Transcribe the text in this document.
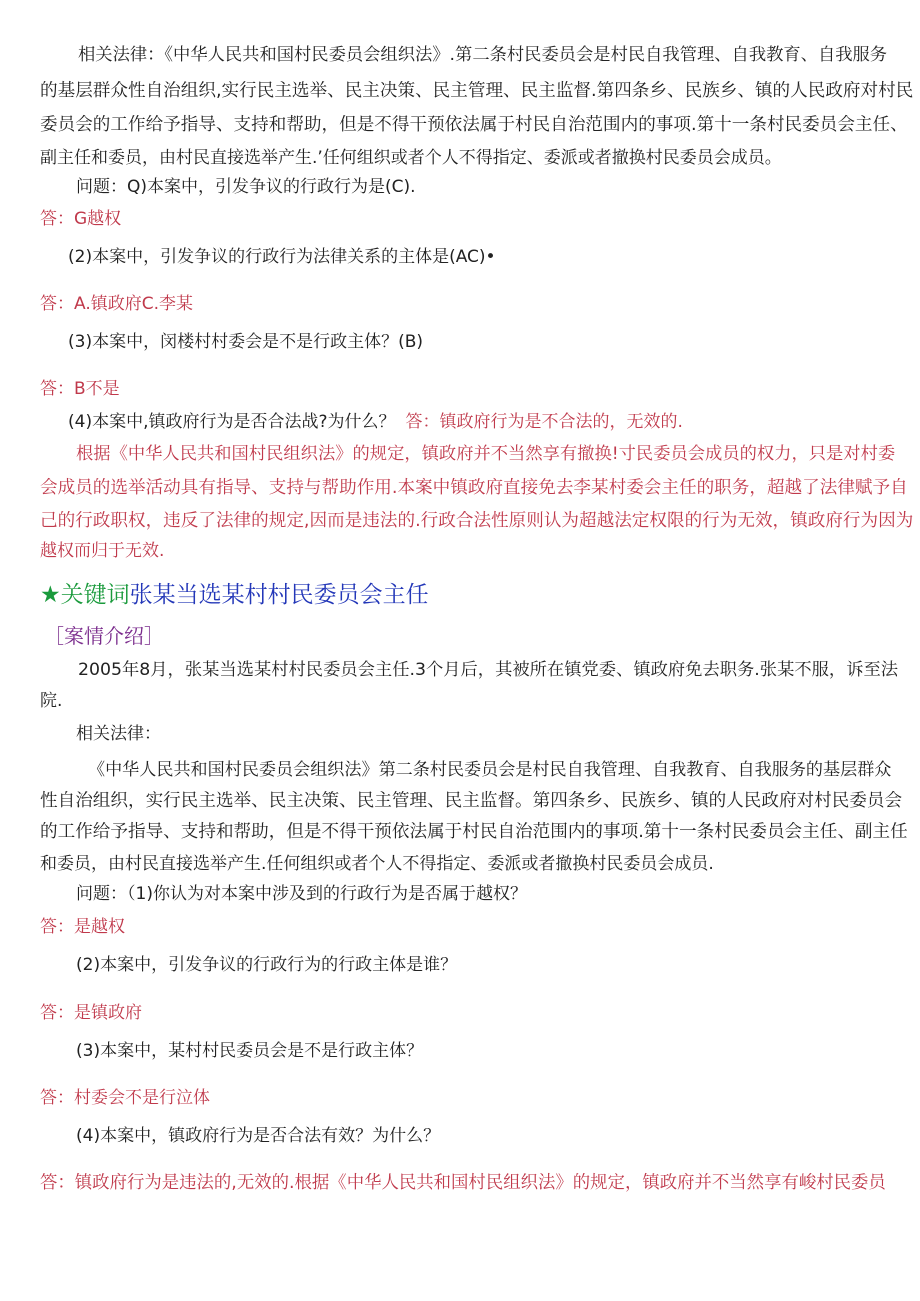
相关法律：《中华人民共和国村民委员会组织法》.第二条村民委员会是村民自我管理、自我教育、自我服务
的基层群众性自治组织,实行民主选举、民主决策、民主管理、民主监督.第四条乡、民族乡、镇的人民政府对村民
委员会的工作给予指导、支持和帮助，但是不得干预依法属于村民自治范围内的事项.第十一条村民委员会主任、
副主任和委员，由村民直接选举产生.’任何组织或者个人不得指定、委派或者撤换村民委员会成员。
问题：Q)本案中，引发争议的行政行为是(C).
答：G越权
(2)本案中，引发争议的行政行为法律关系的主体是(AC)•
答：A.镇政府C.李某
(3)本案中，闵楼村村委会是不是行政主体？(B)
答：B不是
(4)本案中,镇政府行为是否合法战?为什么？ 答：镇政府行为是不合法的，无效的.
根据《中华人民共和国村民组织法》的规定，镇政府并不当然享有撤换!寸民委员会成员的权力，只是对村委
会成员的选举活动具有指导、支持与帮助作用.本案中镇政府直接免去李某村委会主任的职务，超越了法律赋予自
己的行政职权，违反了法律的规定,因而是违法的.行政合法性原则认为超越法定权限的行为无效，镇政府行为因为
越权而归于无效.
★关键词张某当选某村村民委员会主任
［案情介绍］
2005年8月，张某当选某村村民委员会主任.3个月后，其被所在镇党委、镇政府免去职务.张某不服，诉至法
院.
相关法律：
《中华人民共和国村民委员会组织法》第二条村民委员会是村民自我管理、自我教育、自我服务的基层群众
性自治组织，实行民主选举、民主决策、民主管理、民主监督。第四条乡、民族乡、镇的人民政府对村民委员会
的工作给予指导、支持和帮助，但是不得干预依法属于村民自治范围内的事项.第十一条村民委员会主任、副主任
和委员，由村民直接选举产生.任何组织或者个人不得指定、委派或者撤换村民委员会成员.
问题：（1)你认为对本案中涉及到的行政行为是否属于越权？
答：是越权
(2)本案中，引发争议的行政行为的行政主体是谁？
答：是镇政府
(3)本案中，某村村民委员会是不是行政主体？
答：村委会不是行泣体
(4)本案中，镇政府行为是否合法有效？为什么？
答：镇政府行为是违法的,无效的.根据《中华人民共和国村民组织法》的规定，镇政府并不当然享有峻村民委员
